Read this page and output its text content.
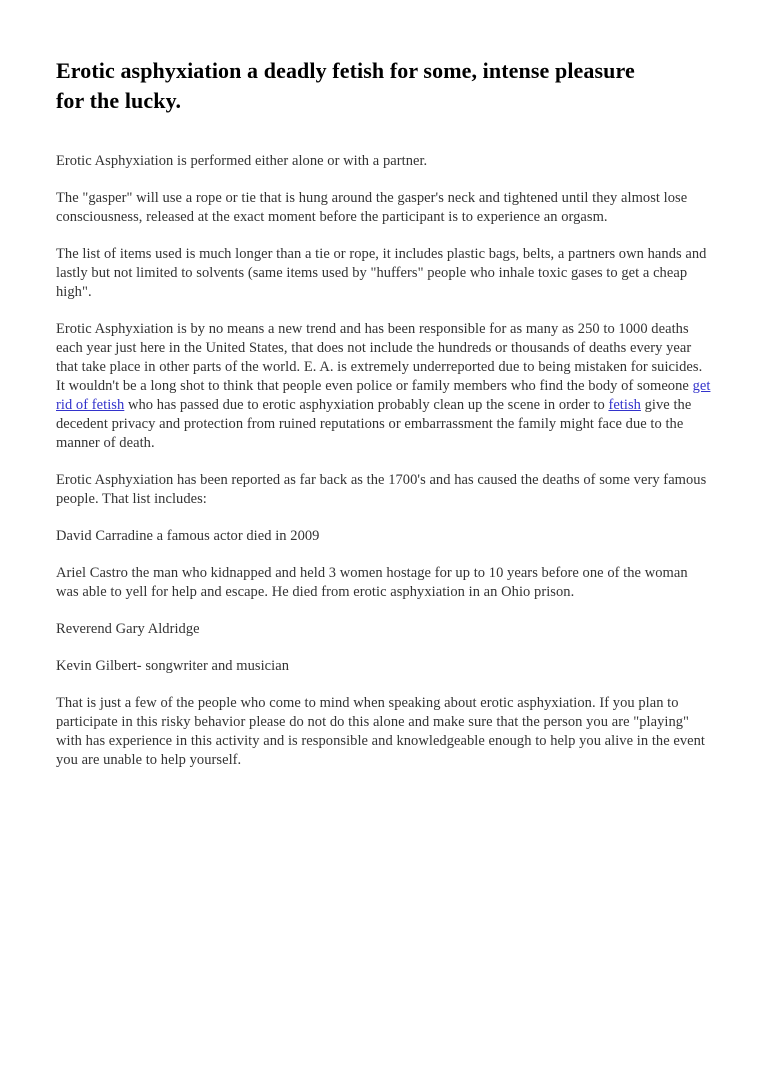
Erotic asphyxiation a deadly fetish for some, intense pleasure for the lucky.

Erotic Asphyxiation is performed either alone or with a partner.

The "gasper" will use a rope or tie that is hung around the gasper's neck and tightened until they almost lose consciousness, released at the exact moment before the participant is to experience an orgasm.

The list of items used is much longer than a tie or rope, it includes plastic bags, belts, a partners own hands and lastly but not limited to solvents (same items used by "huffers" people who inhale toxic gases to get a cheap high".

Erotic Asphyxiation is by no means a new trend and has been responsible for as many as 250 to 1000 deaths each year just here in the United States, that does not include the hundreds or thousands of deaths every year that take place in other parts of the world. E. A. is extremely underreported due to being mistaken for suicides. It wouldn't be a long shot to think that people even police or family members who find the body of someone get rid of fetish who has passed due to erotic asphyxiation probably clean up the scene in order to fetish give the decedent privacy and protection from ruined reputations or embarrassment the family might face due to the manner of death.

Erotic Asphyxiation has been reported as far back as the 1700's and has caused the deaths of some very famous people. That list includes:

David Carradine a famous actor died in 2009

Ariel Castro the man who kidnapped and held 3 women hostage for up to 10 years before one of the woman was able to yell for help and escape. He died from erotic asphyxiation in an Ohio prison.

Reverend Gary Aldridge

Kevin Gilbert- songwriter and musician

That is just a few of the people who come to mind when speaking about erotic asphyxiation. If you plan to participate in this risky behavior please do not do this alone and make sure that the person you are "playing" with has experience in this activity and is responsible and knowledgeable enough to help you alive in the event you are unable to help yourself.
